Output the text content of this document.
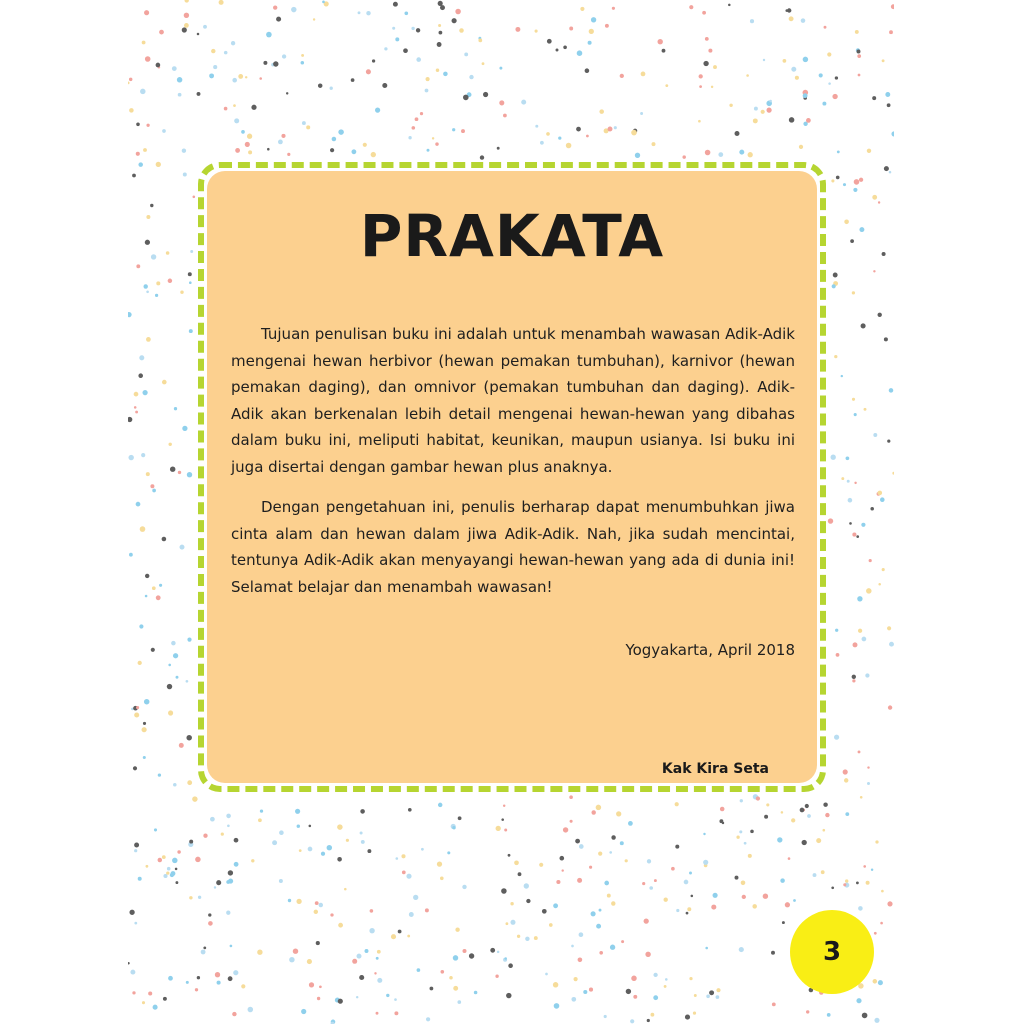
PRAKATA

Tujuan penulisan buku ini adalah untuk menambah wawasan Adik-Adik mengenai hewan herbivor (hewan pemakan tumbuhan), karnivor (hewan pemakan daging), dan omnivor (pemakan tumbuhan dan daging). Adik-Adik akan berkenalan lebih detail mengenai hewan-hewan yang dibahas dalam buku ini, meliputi habitat, keunikan, maupun usianya. Isi buku ini juga disertai dengan gambar hewan plus anaknya.

Dengan pengetahuan ini, penulis berharap dapat menumbuhkan jiwa cinta alam dan hewan dalam jiwa Adik-Adik. Nah, jika sudah mencintai, tentunya Adik-Adik akan menyayangi hewan-hewan yang ada di dunia ini! Selamat belajar dan menambah wawasan!

Yogyakarta, April 2018
Kak Kira Seta
3
